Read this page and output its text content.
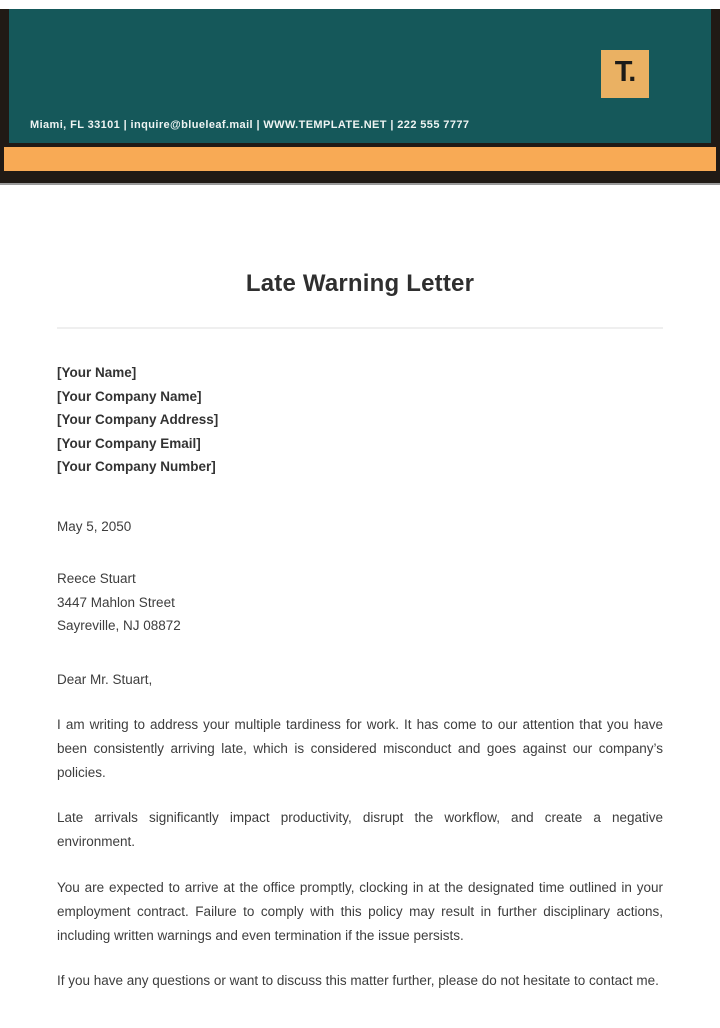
T.
Miami, FL 33101 | inquire@blueleaf.mail | WWW.TEMPLATE.NET | 222 555 7777
Late Warning Letter
[Your Name]
[Your Company Name]
[Your Company Address]
[Your Company Email]
[Your Company Number]
May 5, 2050
Reece Stuart
3447 Mahlon Street
Sayreville, NJ 08872
Dear Mr. Stuart,

I am writing to address your multiple tardiness for work. It has come to our attention that you have been consistently arriving late, which is considered misconduct and goes against our company’s policies.

Late arrivals significantly impact productivity, disrupt the workflow, and create a negative environment.

You are expected to arrive at the office promptly, clocking in at the designated time outlined in your employment contract. Failure to comply with this policy may result in further disciplinary actions, including written warnings and even termination if the issue persists.

If you have any questions or want to discuss this matter further, please do not hesitate to contact me.
